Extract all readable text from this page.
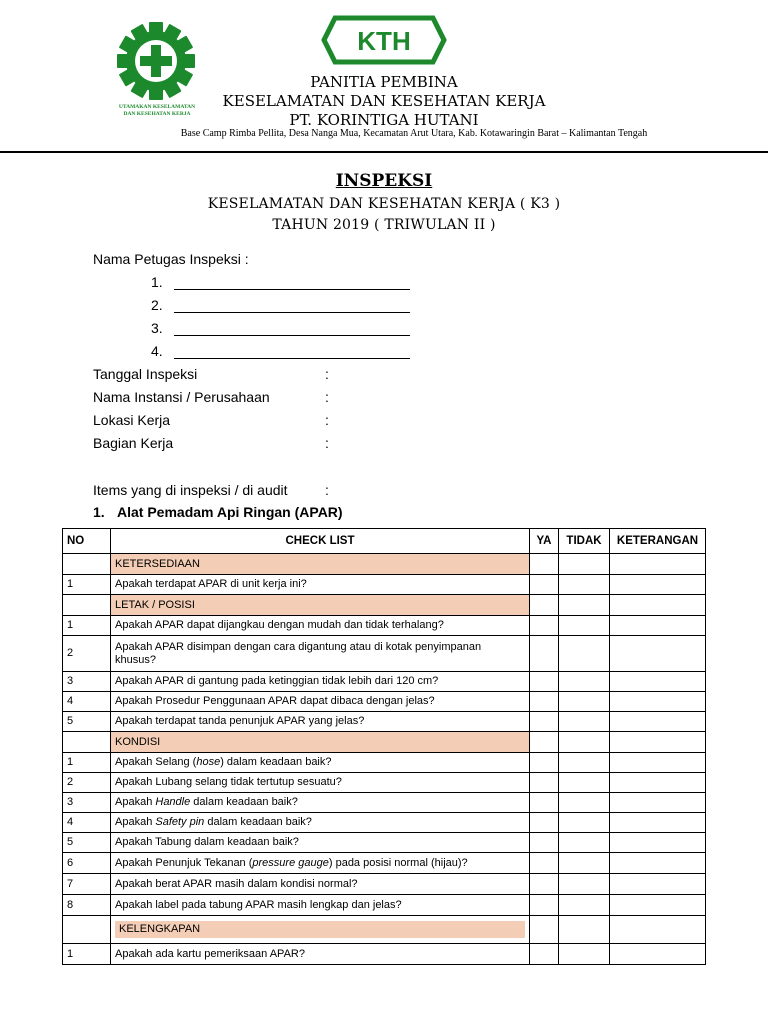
UTAMAKAN KESELAMATAN
DAN KESEHATAN KERJA
KTH
PANITIA PEMBINA
KESELAMATAN DAN KESEHATAN KERJA
PT. KORINTIGA HUTANI
Base Camp Rimba Pellita, Desa Nanga Mua, Kecamatan Arut Utara, Kab. Kotawaringin Barat – Kalimantan Tengah
INSPEKSI
KESELAMATAN DAN KESEHATAN KERJA ( K3 )
TAHUN 2019 ( TRIWULAN II )
Nama Petugas Inspeksi :
1.
2.
3.
4.
Tanggal Inspeksi	:
Nama Instansi / Perusahaan	:
Lokasi Kerja	:
Bagian Kerja	:
Items yang di inspeksi / di audit	:
1. Alat Pemadam Api Ringan (APAR)
NO	CHECK LIST	YA	TIDAK	KETERANGAN
	KETERSEDIAAN			
1	Apakah terdapat APAR di unit kerja ini?			
	LETAK / POSISI			
1	Apakah APAR dapat dijangkau dengan mudah dan tidak terhalang?			
2	Apakah APAR disimpan dengan cara digantung atau di kotak penyimpanan khusus?			
3	Apakah APAR di gantung pada ketinggian tidak lebih dari 120 cm?			
4	Apakah Prosedur Penggunaan APAR dapat dibaca dengan jelas?			
5	Apakah terdapat tanda penunjuk APAR yang jelas?			
	KONDISI			
1	Apakah Selang (hose) dalam keadaan baik?			
2	Apakah Lubang selang tidak tertutup sesuatu?			
3	Apakah Handle dalam keadaan baik?			
4	Apakah Safety pin dalam keadaan baik?			
5	Apakah Tabung dalam keadaan baik?			
6	Apakah Penunjuk Tekanan (pressure gauge) pada posisi normal (hijau)?			
7	Apakah berat APAR masih dalam kondisi normal?			
8	Apakah label pada tabung APAR masih lengkap dan jelas?			

	KELENGKAPAN			

1	Apakah ada kartu pemeriksaan APAR?			
